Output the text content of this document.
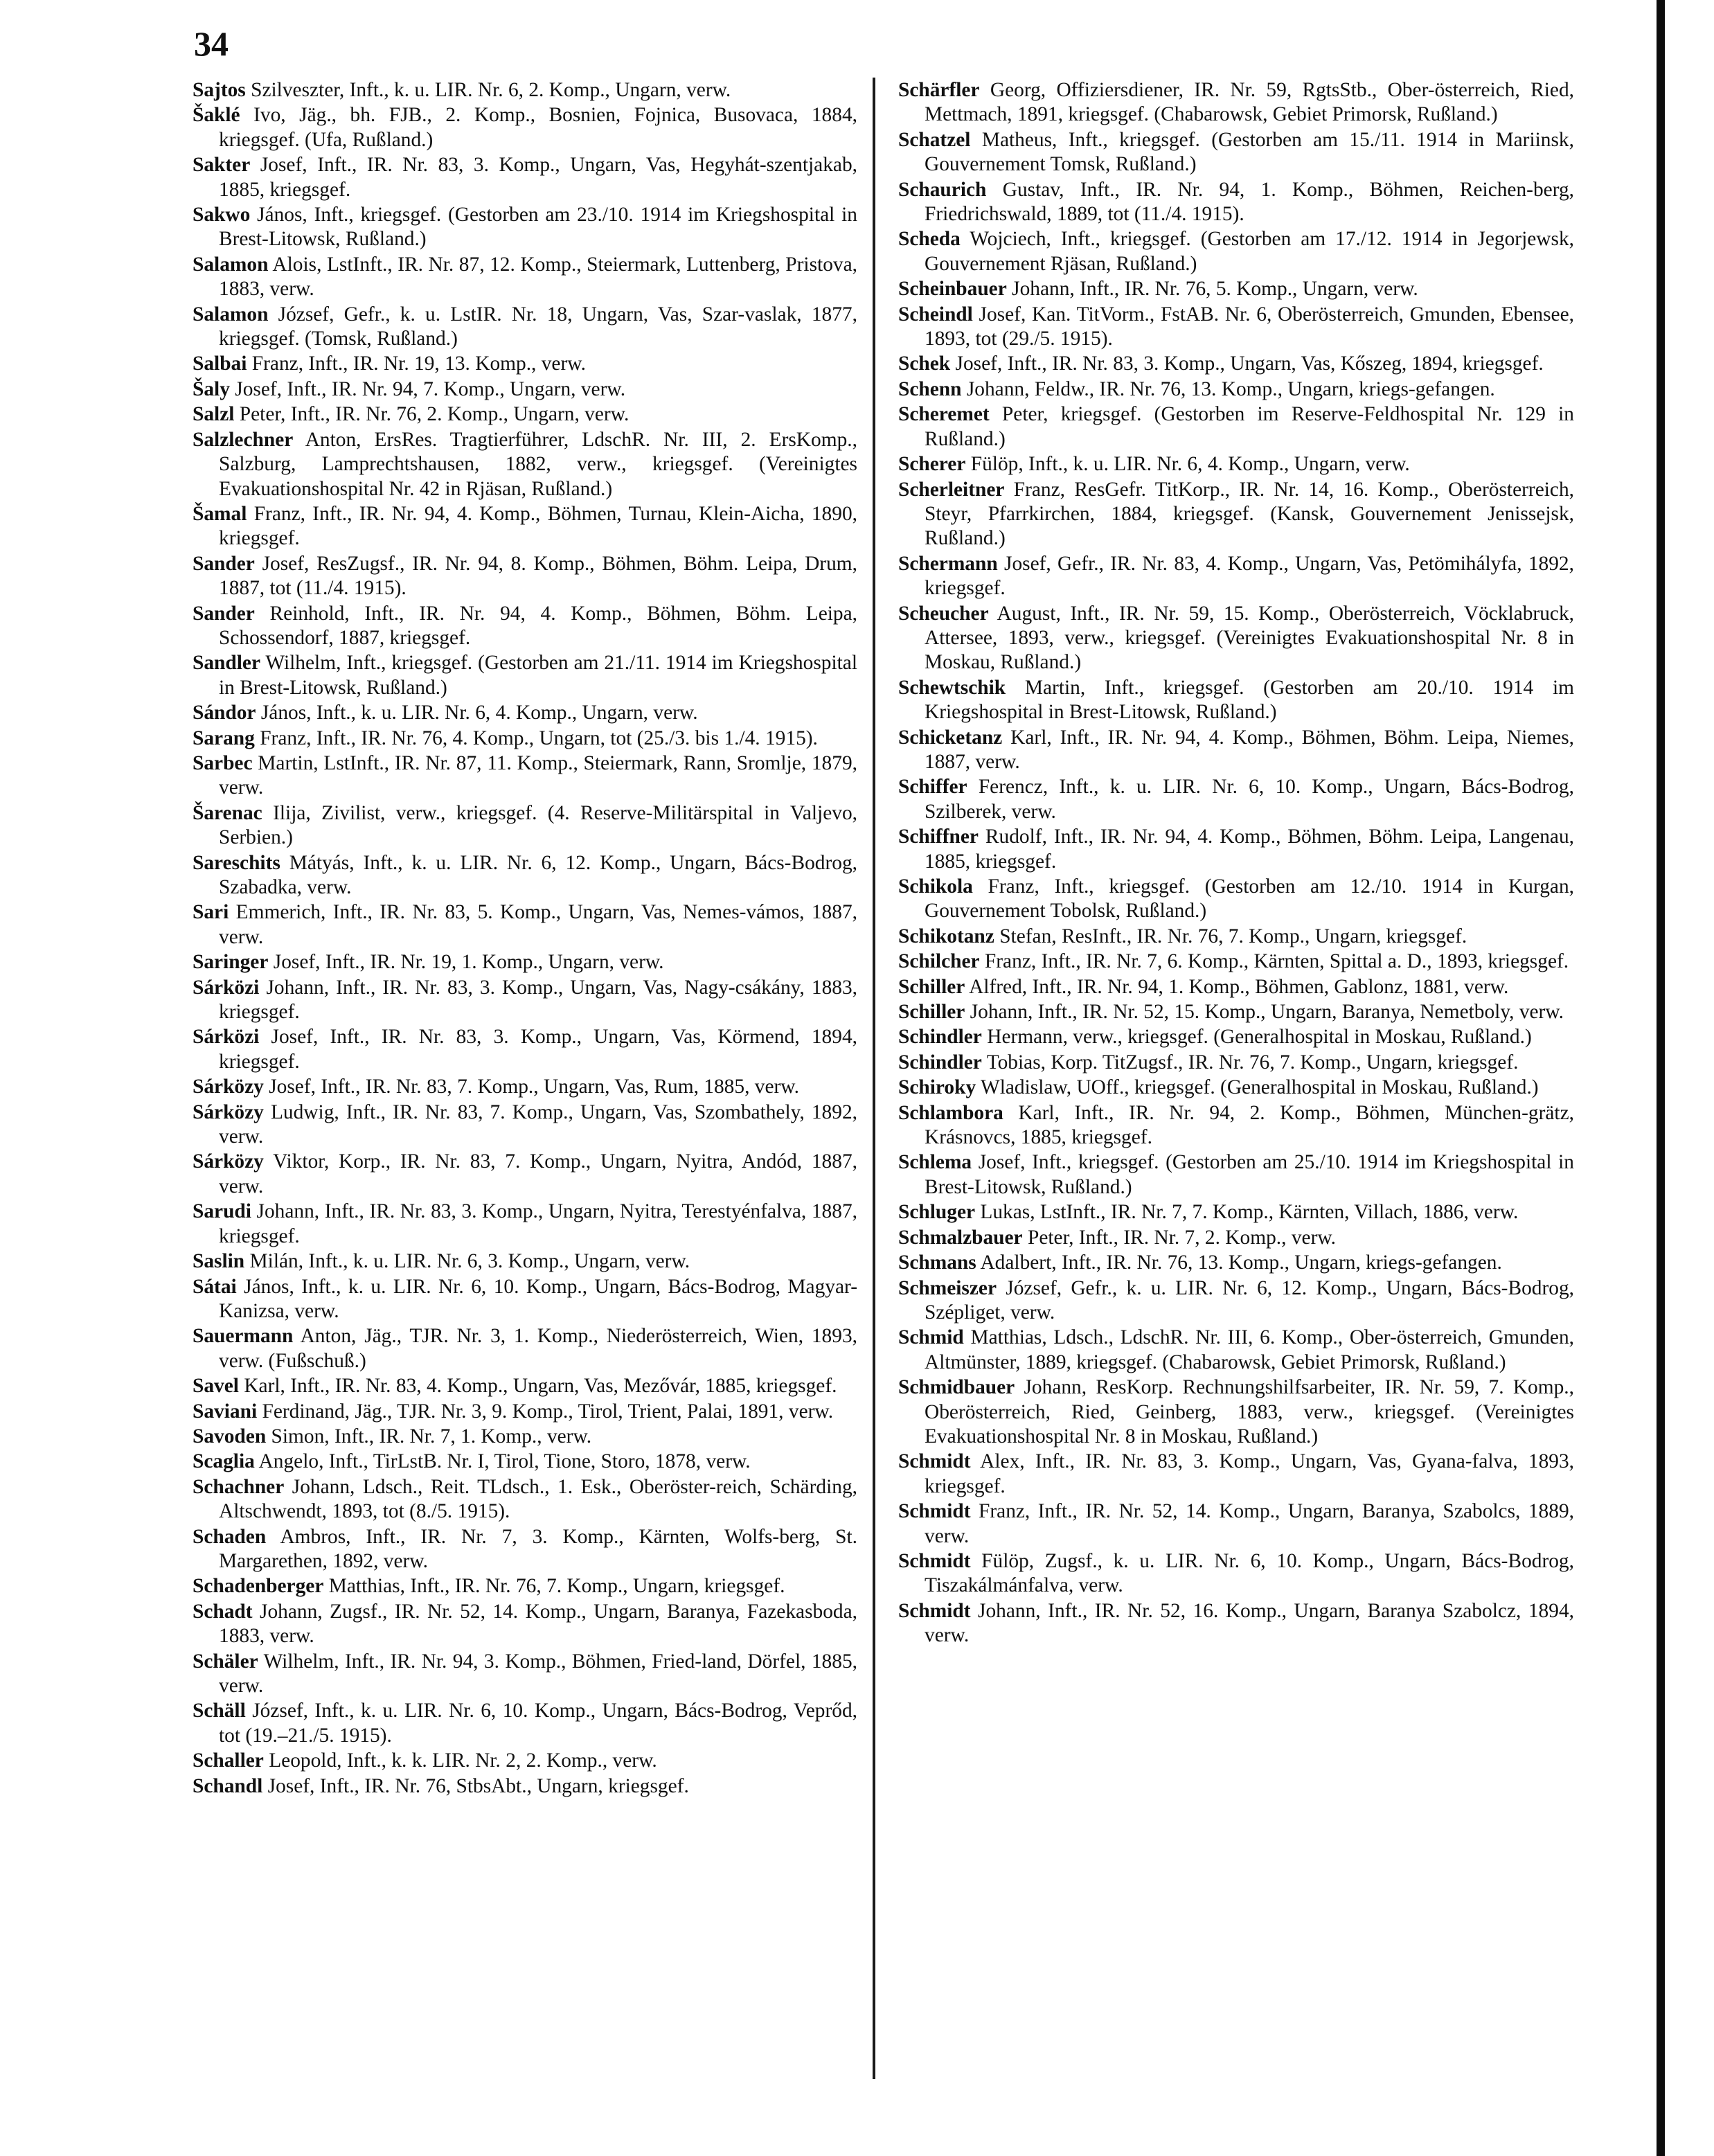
34
Sajtos Szilveszter, Inft., k. u. LIR. Nr. 6, 2. Komp., Ungarn, verw.
Šaklé Ivo, Jäg., bh. FJB., 2. Komp., Bosnien, Fojnica, Busovaca, 1884, kriegsgef. (Ufa, Rußland.)
Sakter Josef, Inft., IR. Nr. 83, 3. Komp., Ungarn, Vas, Hegyhát-szentjakab, 1885, kriegsgef.
Sakwo János, Inft., kriegsgef. (Gestorben am 23./10. 1914 im Kriegshospital in Brest-Litowsk, Rußland.)
Salamon Alois, LstInft., IR. Nr. 87, 12. Komp., Steiermark, Luttenberg, Pristova, 1883, verw.
Salamon József, Gefr., k. u. LstIR. Nr. 18, Ungarn, Vas, Szar-vaslak, 1877, kriegsgef. (Tomsk, Rußland.)
Salbai Franz, Inft., IR. Nr. 19, 13. Komp., verw.
Šaly Josef, Inft., IR. Nr. 94, 7. Komp., Ungarn, verw.
Salzl Peter, Inft., IR. Nr. 76, 2. Komp., Ungarn, verw.
Salzlechner Anton, ErsRes. Tragtierführer, LdschR. Nr. III, 2. ErsKomp., Salzburg, Lamprechtshausen, 1882, verw., kriegsgef. (Vereinigtes Evakuationshospital Nr. 42 in Rjäsan, Rußland.)
Šamal Franz, Inft., IR. Nr. 94, 4. Komp., Böhmen, Turnau, Klein-Aicha, 1890, kriegsgef.
Sander Josef, ResZugsf., IR. Nr. 94, 8. Komp., Böhmen, Böhm. Leipa, Drum, 1887, tot (11./4. 1915).
Sander Reinhold, Inft., IR. Nr. 94, 4. Komp., Böhmen, Böhm. Leipa, Schossendorf, 1887, kriegsgef.
Sandler Wilhelm, Inft., kriegsgef. (Gestorben am 21./11. 1914 im Kriegshospital in Brest-Litowsk, Rußland.)
Sándor János, Inft., k. u. LIR. Nr. 6, 4. Komp., Ungarn, verw.
Sarang Franz, Inft., IR. Nr. 76, 4. Komp., Ungarn, tot (25./3. bis 1./4. 1915).
Sarbec Martin, LstInft., IR. Nr. 87, 11. Komp., Steiermark, Rann, Sromlje, 1879, verw.
Šarenac Ilija, Zivilist, verw., kriegsgef. (4. Reserve-Militärspital in Valjevo, Serbien.)
Sareschits Mátyás, Inft., k. u. LIR. Nr. 6, 12. Komp., Ungarn, Bács-Bodrog, Szabadka, verw.
Sari Emmerich, Inft., IR. Nr. 83, 5. Komp., Ungarn, Vas, Nemes-vámos, 1887, verw.
Saringer Josef, Inft., IR. Nr. 19, 1. Komp., Ungarn, verw.
Sárközi Johann, Inft., IR. Nr. 83, 3. Komp., Ungarn, Vas, Nagy-csákány, 1883, kriegsgef.
Sárközi Josef, Inft., IR. Nr. 83, 3. Komp., Ungarn, Vas, Körmend, 1894, kriegsgef.
Sárközy Josef, Inft., IR. Nr. 83, 7. Komp., Ungarn, Vas, Rum, 1885, verw.
Sárközy Ludwig, Inft., IR. Nr. 83, 7. Komp., Ungarn, Vas, Szombathely, 1892, verw.
Sárközy Viktor, Korp., IR. Nr. 83, 7. Komp., Ungarn, Nyitra, Andód, 1887, verw.
Sarudi Johann, Inft., IR. Nr. 83, 3. Komp., Ungarn, Nyitra, Terestyénfalva, 1887, kriegsgef.
Saslin Milán, Inft., k. u. LIR. Nr. 6, 3. Komp., Ungarn, verw.
Sátai János, Inft., k. u. LIR. Nr. 6, 10. Komp., Ungarn, Bács-Bodrog, Magyar-Kanizsa, verw.
Sauermann Anton, Jäg., TJR. Nr. 3, 1. Komp., Niederösterreich, Wien, 1893, verw. (Fußschuß.)
Savel Karl, Inft., IR. Nr. 83, 4. Komp., Ungarn, Vas, Mezővár, 1885, kriegsgef.
Saviani Ferdinand, Jäg., TJR. Nr. 3, 9. Komp., Tirol, Trient, Palai, 1891, verw.
Savoden Simon, Inft., IR. Nr. 7, 1. Komp., verw.
Scaglia Angelo, Inft., TirLstB. Nr. I, Tirol, Tione, Storo, 1878, verw.
Schachner Johann, Ldsch., Reit. TLdsch., 1. Esk., Oberöster-reich, Schärding, Altschwendt, 1893, tot (8./5. 1915).
Schaden Ambros, Inft., IR. Nr. 7, 3. Komp., Kärnten, Wolfs-berg, St. Margarethen, 1892, verw.
Schadenberger Matthias, Inft., IR. Nr. 76, 7. Komp., Ungarn, kriegsgef.
Schadt Johann, Zugsf., IR. Nr. 52, 14. Komp., Ungarn, Baranya, Fazekasboda, 1883, verw.
Schäler Wilhelm, Inft., IR. Nr. 94, 3. Komp., Böhmen, Fried-land, Dörfel, 1885, verw.
Schäll József, Inft., k. u. LIR. Nr. 6, 10. Komp., Ungarn, Bács-Bodrog, Veprőd, tot (19.–21./5. 1915).
Schaller Leopold, Inft., k. k. LIR. Nr. 2, 2. Komp., verw.
Schandl Josef, Inft., IR. Nr. 76, StbsAbt., Ungarn, kriegsgef.
Schärfler Georg, Offiziersdiener, IR. Nr. 59, RgtsStb., Ober-österreich, Ried, Mettmach, 1891, kriegsgef. (Chabarowsk, Gebiet Primorsk, Rußland.)
Schatzel Matheus, Inft., kriegsgef. (Gestorben am 15./11. 1914 in Mariinsk, Gouvernement Tomsk, Rußland.)
Schaurich Gustav, Inft., IR. Nr. 94, 1. Komp., Böhmen, Reichen-berg, Friedrichswald, 1889, tot (11./4. 1915).
Scheda Wojciech, Inft., kriegsgef. (Gestorben am 17./12. 1914 in Jegorjewsk, Gouvernement Rjäsan, Rußland.)
Scheinbauer Johann, Inft., IR. Nr. 76, 5. Komp., Ungarn, verw.
Scheindl Josef, Kan. TitVorm., FstAB. Nr. 6, Oberösterreich, Gmunden, Ebensee, 1893, tot (29./5. 1915).
Schek Josef, Inft., IR. Nr. 83, 3. Komp., Ungarn, Vas, Kőszeg, 1894, kriegsgef.
Schenn Johann, Feldw., IR. Nr. 76, 13. Komp., Ungarn, kriegs-gefangen.
Scheremet Peter, kriegsgef. (Gestorben im Reserve-Feldhospital Nr. 129 in Rußland.)
Scherer Fülöp, Inft., k. u. LIR. Nr. 6, 4. Komp., Ungarn, verw.
Scherleitner Franz, ResGefr. TitKorp., IR. Nr. 14, 16. Komp., Oberösterreich, Steyr, Pfarrkirchen, 1884, kriegsgef. (Kansk, Gouvernement Jenissejsk, Rußland.)
Schermann Josef, Gefr., IR. Nr. 83, 4. Komp., Ungarn, Vas, Petömihályfa, 1892, kriegsgef.
Scheucher August, Inft., IR. Nr. 59, 15. Komp., Oberösterreich, Vöcklabruck, Attersee, 1893, verw., kriegsgef. (Vereinigtes Evakuationshospital Nr. 8 in Moskau, Rußland.)
Schewtschik Martin, Inft., kriegsgef. (Gestorben am 20./10. 1914 im Kriegshospital in Brest-Litowsk, Rußland.)
Schicketanz Karl, Inft., IR. Nr. 94, 4. Komp., Böhmen, Böhm. Leipa, Niemes, 1887, verw.
Schiffer Ferencz, Inft., k. u. LIR. Nr. 6, 10. Komp., Ungarn, Bács-Bodrog, Szilberek, verw.
Schiffner Rudolf, Inft., IR. Nr. 94, 4. Komp., Böhmen, Böhm. Leipa, Langenau, 1885, kriegsgef.
Schikola Franz, Inft., kriegsgef. (Gestorben am 12./10. 1914 in Kurgan, Gouvernement Tobolsk, Rußland.)
Schikotanz Stefan, ResInft., IR. Nr. 76, 7. Komp., Ungarn, kriegsgef.
Schilcher Franz, Inft., IR. Nr. 7, 6. Komp., Kärnten, Spittal a. D., 1893, kriegsgef.
Schiller Alfred, Inft., IR. Nr. 94, 1. Komp., Böhmen, Gablonz, 1881, verw.
Schiller Johann, Inft., IR. Nr. 52, 15. Komp., Ungarn, Baranya, Nemetboly, verw.
Schindler Hermann, verw., kriegsgef. (Generalhospital in Moskau, Rußland.)
Schindler Tobias, Korp. TitZugsf., IR. Nr. 76, 7. Komp., Ungarn, kriegsgef.
Schiroky Wladislaw, UOff., kriegsgef. (Generalhospital in Moskau, Rußland.)
Schlambora Karl, Inft., IR. Nr. 94, 2. Komp., Böhmen, München-grätz, Krásnovcs, 1885, kriegsgef.
Schlema Josef, Inft., kriegsgef. (Gestorben am 25./10. 1914 im Kriegshospital in Brest-Litowsk, Rußland.)
Schluger Lukas, LstInft., IR. Nr. 7, 7. Komp., Kärnten, Villach, 1886, verw.
Schmalzbauer Peter, Inft., IR. Nr. 7, 2. Komp., verw.
Schmans Adalbert, Inft., IR. Nr. 76, 13. Komp., Ungarn, kriegs-gefangen.
Schmeiszer József, Gefr., k. u. LIR. Nr. 6, 12. Komp., Ungarn, Bács-Bodrog, Szépliget, verw.
Schmid Matthias, Ldsch., LdschR. Nr. III, 6. Komp., Ober-österreich, Gmunden, Altmünster, 1889, kriegsgef. (Chabarowsk, Gebiet Primorsk, Rußland.)
Schmidbauer Johann, ResKorp. Rechnungshilfsarbeiter, IR. Nr. 59, 7. Komp., Oberösterreich, Ried, Geinberg, 1883, verw., kriegsgef. (Vereinigtes Evakuationshospital Nr. 8 in Moskau, Rußland.)
Schmidt Alex, Inft., IR. Nr. 83, 3. Komp., Ungarn, Vas, Gyana-falva, 1893, kriegsgef.
Schmidt Franz, Inft., IR. Nr. 52, 14. Komp., Ungarn, Baranya, Szabolcs, 1889, verw.
Schmidt Fülöp, Zugsf., k. u. LIR. Nr. 6, 10. Komp., Ungarn, Bács-Bodrog, Tiszakálmánfalva, verw.
Schmidt Johann, Inft., IR. Nr. 52, 16. Komp., Ungarn, Baranya Szabolcz, 1894, verw.
